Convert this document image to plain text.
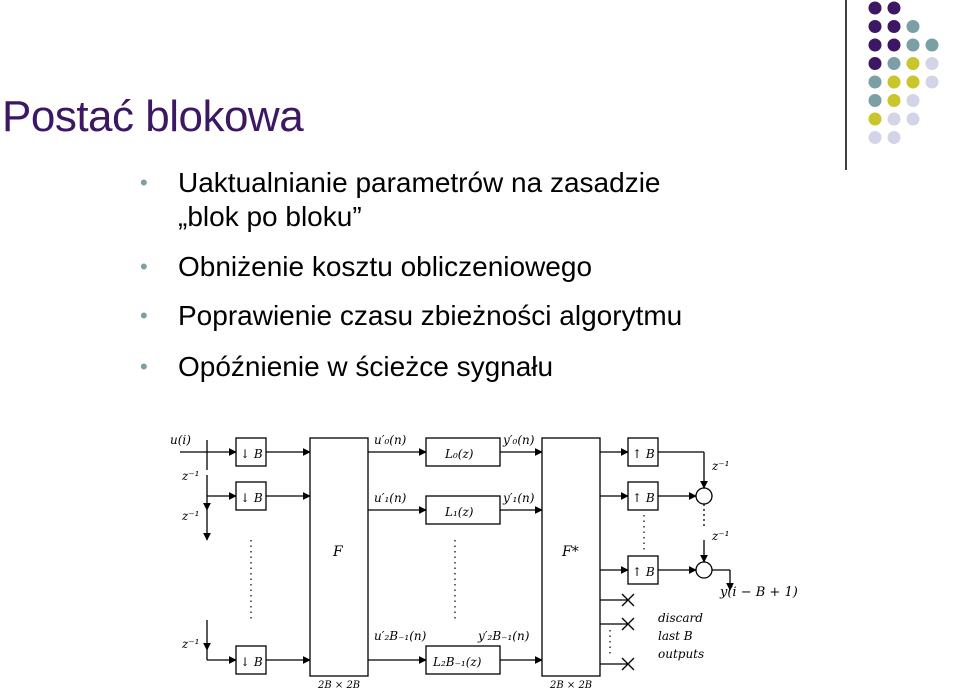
Postać blokowa
• Uaktualnianie parametrów na zasadzie
„blok po bloku”
• Obniżenie kosztu obliczeniowego
• Poprawienie czasu zbieżności algorytmu
• Opóźnienie w ścieżce sygnału
u(i)
z⁻¹
z⁻¹
z⁻¹
↓ B
↓ B
↓ B
F
2B × 2B
u′₀(n)
u′₁(n)
u′₂B₋₁(n)
L₀(z)
L₁(z)
L₂B₋₁(z)
y′₀(n)
y′₁(n)
y′₂B₋₁(n)
F*
2B × 2B
↑ B
↑ B
↑ B
z⁻¹
z⁻¹
y(i − B + 1)
discard
last B
outputs
